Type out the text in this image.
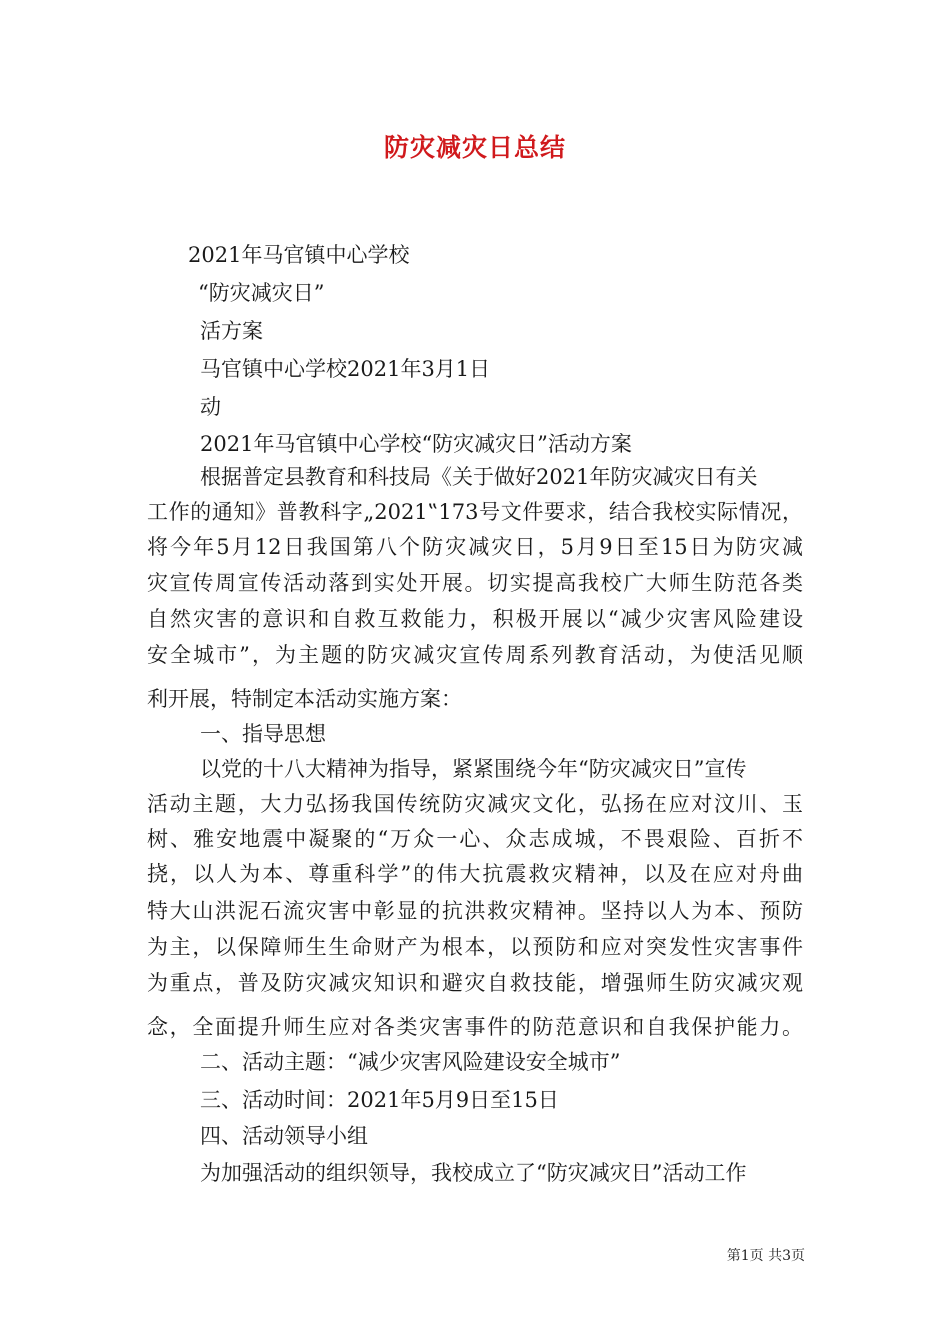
防灾减灾日总结
2021年马官镇中心学校
“防灾减灾日”
活方案
马官镇中心学校2021年3月1日
动
2021年马官镇中心学校“防灾减灾日”活动方案
根据普定县教育和科技局《关于做好2021年防灾减灾日有关
工作的通知》普教科字„2021‟173号文件要求，结合我校实际情况，
将今年5月12日我国第八个防灾减灾日，5月9日至15日为防灾减
灾宣传周宣传活动落到实处开展。切实提高我校广大师生防范各类
自然灾害的意识和自救互救能力，积极开展以“减少灾害风险建设
安全城市”，为主题的防灾减灾宣传周系列教育活动，为使活见顺
利开展，特制定本活动实施方案：
一、指导思想
以党的十八大精神为指导，紧紧围绕今年“防灾减灾日”宣传
活动主题，大力弘扬我国传统防灾减灾文化，弘扬在应对汶川、玉
树、雅安地震中凝聚的“万众一心、众志成城，不畏艰险、百折不
挠，以人为本、尊重科学”的伟大抗震救灾精神，以及在应对舟曲
特大山洪泥石流灾害中彰显的抗洪救灾精神。坚持以人为本、预防
为主，以保障师生生命财产为根本，以预防和应对突发性灾害事件
为重点，普及防灾减灾知识和避灾自救技能，增强师生防灾减灾观
念，全面提升师生应对各类灾害事件的防范意识和自我保护能力。
二、活动主题：“减少灾害风险建设安全城市”
三、活动时间：2021年5月9日至15日
四、活动领导小组
为加强活动的组织领导，我校成立了“防灾减灾日”活动工作
第1页 共3页
